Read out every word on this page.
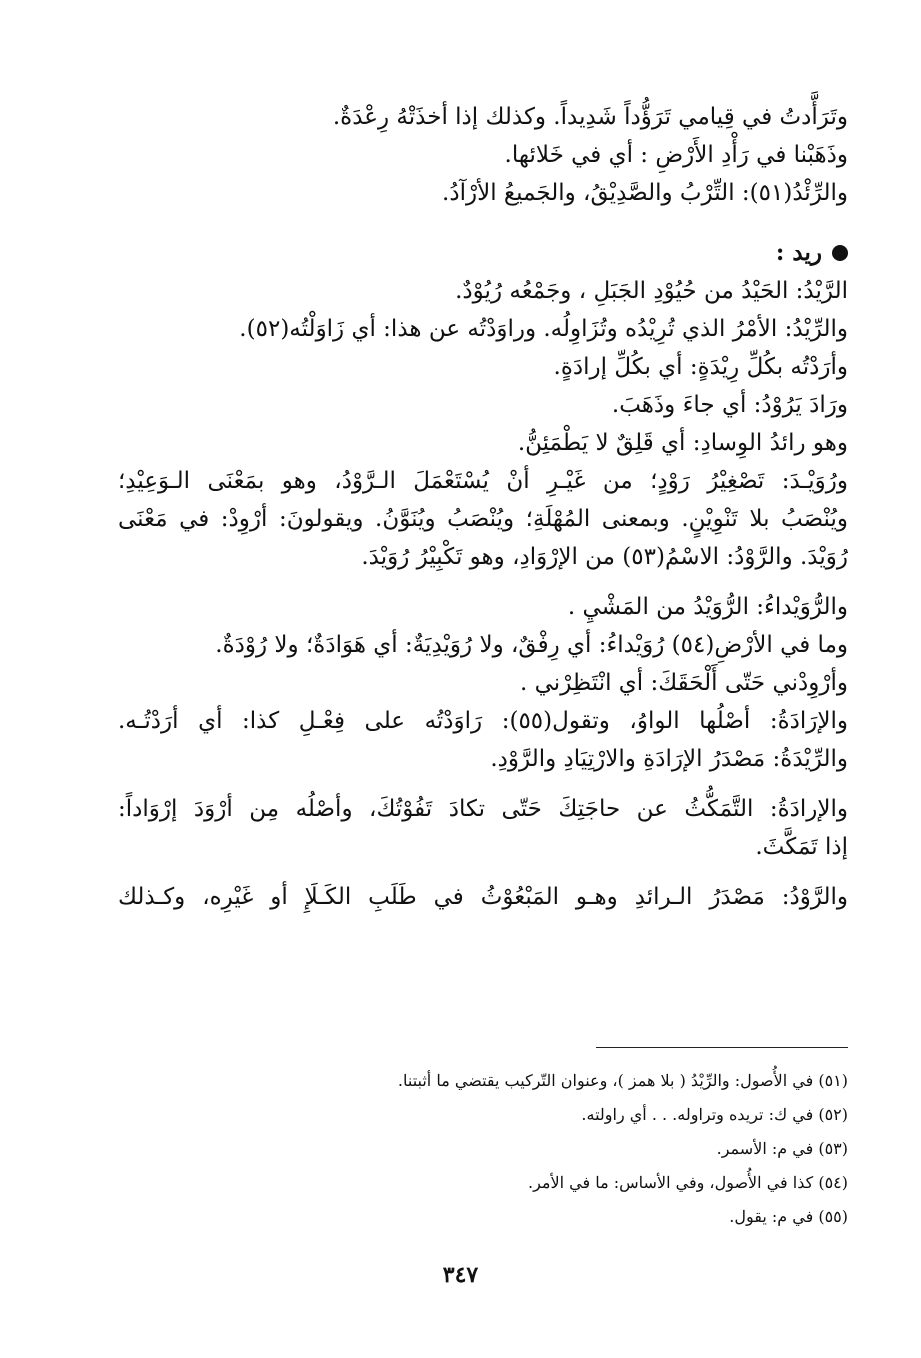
وتَرَأَّدتُ في قِيامي تَرَؤُّداً شَدِيداً. وكذلك إذا أخذَتْهُ رِعْدَةٌ.
وذَهَبْنا في رَأْدِ الأَرْضِ : أي في خَلائها.
والرِّئْدُ(٥١): التِّرْبُ والصَّدِيْقُ، والجَميعُ الأرْآدُ.
ريد :
الرَّيْدُ: الحَيْدُ من حُيُوْدِ الجَبَلِ ، وجَمْعُه رُيُوْدٌ.
والرِّيْدُ: الأمْرُ الذي تُرِيْدُه وتُزَاوِلُه. وراوَدْتُه عن هذا: أي زَاوَلْتُه(٥٢).
وأرَدْتُه بكُلِّ رِيْدَةٍ: أي بكُلِّ إرادَةٍ.
ورَادَ يَرُوْدُ: أي جاءَ وذَهَبَ.
وهو رائدُ الوِسادِ: أي قَلِقٌ لا يَطْمَئِنُّ.
ورُوَيْـدَ: تَصْغِيْرُ رَوْدٍ؛ من غَيْـرِ أنْ يُسْتَعْمَلَ الـرَّوْدُ، وهو بمَعْنَى الـوَعِيْدِ؛
ويُنْصَبُ بلا تَنْوِيْنٍ. وبمعنى المُهْلَةِ؛ ويُنْصَبُ ويُنَوَّنُ. ويقولونَ: أرْوِدْ: في مَعْنَى
رُوَيْدَ. والرَّوْدُ: الاسْمُ(٥٣) من الإرْوَادِ، وهو تَكْبِيْرُ رُوَيْدَ.
والرُّوَيْداءُ: الرُّوَيْدُ من المَشْيِ .
وما في الأرْضِ(٥٤) رُوَيْداءُ: أي رِفْقٌ، ولا رُوَيْدِيَةٌ: أي هَوَادَةٌ؛ ولا رُوْدَةٌ.
وأرْوِدْني حَتّى أَلْحَقَكَ: أي انْتَظِرْني .
والإرَادَةُ: أصْلُها الواوُ، وتقول(٥٥): رَاوَدْتُه على فِعْـلِ كذا: أي أرَدْتُـه.
والرِّيْدَةُ: مَصْدَرُ الإرَادَةِ والارْتِيَادِ والرَّوْدِ.
والإرادَةُ: التَّمَكُّثُ عن حاجَتِكَ حَتّى تكادَ تَفُوْتُكَ، وأصْلُه مِن أرْوَدَ إرْوَاداً:
إذا تَمَكَّثَ.
والرَّوْدُ: مَصْدَرُ الـرائدِ وهـو المَبْعُوْثُ في طَلَبِ الكَـلَإِ أو غَيْرِه، وكـذلك
(٥١) في الأُصول: والرِّيْدُ ( بلا همز )، وعنوان التّركيب يقتضي ما أثبتنا.
(٥٢) في ك: تريده وتراوله. . . أي راولته.
(٥٣) في م: الأسمر.
(٥٤) كذا في الأُصول، وفي الأساس: ما في الأمر.
(٥٥) في م: يقول.
٣٤٧
